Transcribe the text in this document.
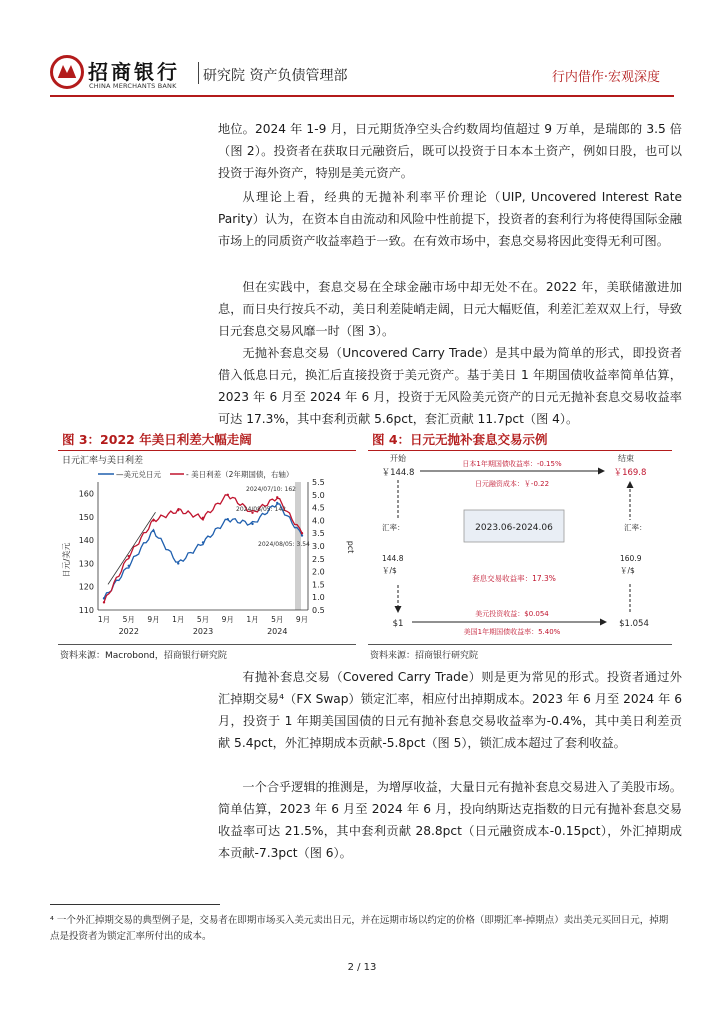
招商银行
CHINA MERCHANTS BANK
研究院 资产负债管理部	行内借作·宏观深度
地位。2024 年 1-9 月，日元期货净空头合约数周均值超过 9 万单，是瑞郎的 3.5 倍（图 2）。投资者在获取日元融资后，既可以投资于日本本土资产，例如日股，也可以投资于海外资产，特别是美元资产。
从理论上看，经典的无抛补利率平价理论（UIP, Uncovered Interest Rate Parity）认为，在资本自由流动和风险中性前提下，投资者的套利行为将使得国际金融市场上的同质资产收益率趋于一致。在有效市场中，套息交易将因此变得无利可图。
但在实践中，套息交易在全球金融市场中却无处不在。2022 年，美联储激进加息，而日央行按兵不动，美日利差陡峭走阔，日元大幅贬值，利差汇差双双上行，导致日元套息交易风靡一时（图 3）。
无抛补套息交易（Uncovered Carry Trade）是其中最为简单的形式，即投资者借入低息日元，换汇后直接投资于美元资产。基于美日 1 年期国债收益率简单估算，2023 年 6 月至 2024 年 6 月，投资于无风险美元资产的日元无抛补套息交易收益率可达 17.3%，其中套利贡献 5.6pct，套汇贡献 11.7pct（图 4）。
图 3：2022 年美日利差大幅走阔
日元汇率与美日利差
—美元兑日元	- 美日利差（2年期国债，右轴）
日元/美元	pct
110
120
130
140
150
160
0.5
1.0
1.5
2.0
2.5
3.0
3.5
4.0
4.5
5.0
5.5
1月 5月 9月 1月 5月 9月 1月 5月 9月
2022	2023	2024
2024/07/10: 162
2024/08/05: 142
2024/08/05: 3.54
资料来源：Macrobond，招商银行研究院
图 4：日元无抛补套息交易示例
开始	结束
￥144.8	￥169.8
日本1年期国债收益率：-0.15%
日元融资成本：￥-0.22
汇率：
144.8
￥/$
汇率：
160.9
￥/$
2023.06-2024.06
套息交易收益率：17.3%
$1	$1.054
美元投资收益：$0.054
美国1年期国债收益率：5.40%
资料来源：招商银行研究院
有抛补套息交易（Covered Carry Trade）则是更为常见的形式。投资者通过外汇掉期交易⁴（FX Swap）锁定汇率，相应付出掉期成本。2023 年 6 月至 2024 年 6 月，投资于 1 年期美国国债的日元有抛补套息交易收益率为-0.4%，其中美日利差贡献 5.4pct，外汇掉期成本贡献-5.8pct（图 5），锁汇成本超过了套利收益。
一个合乎逻辑的推测是，为增厚收益，大量日元有抛补套息交易进入了美股市场。简单估算，2023 年 6 月至 2024 年 6 月，投向纳斯达克指数的日元有抛补套息交易收益率可达 21.5%，其中套利贡献 28.8pct（日元融资成本-0.15pct），外汇掉期成本贡献-7.3pct（图 6）。
⁴ 一个外汇掉期交易的典型例子是，交易者在即期市场买入美元卖出日元，并在远期市场以约定的价格（即期汇率-掉期点）卖出美元买回日元，掉期点是投资者为锁定汇率所付出的成本。
2 / 13
